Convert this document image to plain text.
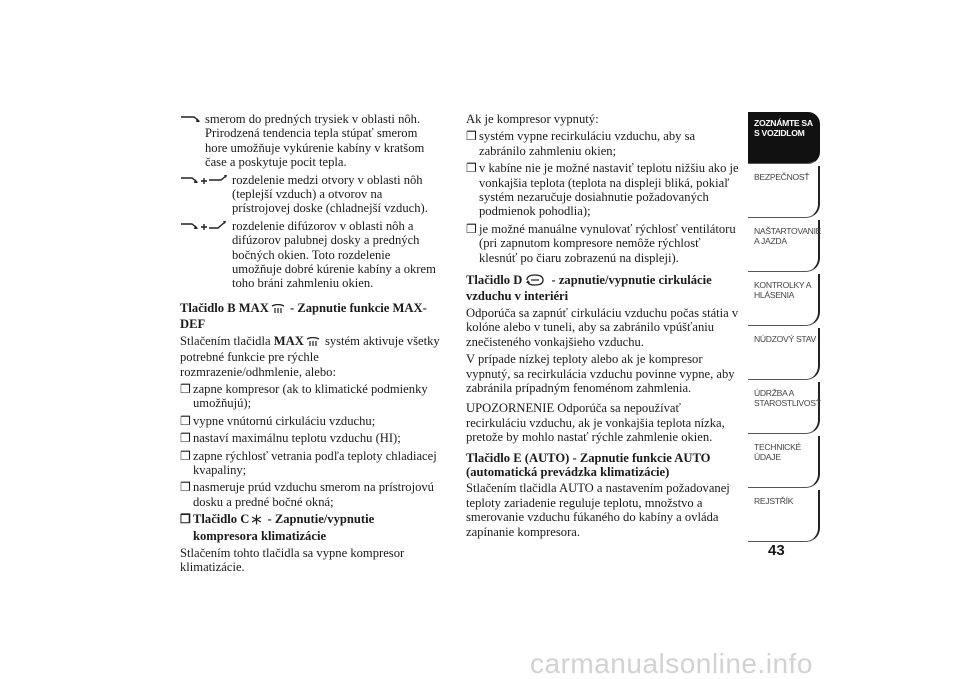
smerom do predných trysiek v oblasti nôh. Prirodzená tendencia tepla stúpať smerom hore umožňuje vykúrenie kabíny v kratšom čase a poskytuje pocit tepla.
rozdelenie medzi otvory v oblasti nôh (teplejší vzduch) a otvorov na prístrojovej doske (chladnejší vzduch).
rozdelenie difúzorov v oblasti nôh a difúzorov palubnej dosky a predných bočných okien. Toto rozdelenie umožňuje dobré kúrenie kabíny a okrem toho bráni zahmleniu okien.

Tlačidlo B MAX - Zapnutie funkcie MAX-DEF

Stlačením tlačidla MAX systém aktivuje všetky potrebné funkcie pre rýchle rozmrazenie/odhmlenie, alebo:

❒ zapne kompresor (ak to klimatické podmienky umožňujú);
❒ vypne vnútornú cirkuláciu vzduchu;
❒ nastaví maximálnu teplotu vzduchu (HI);
❒ zapne rýchlosť vetrania podľa teploty chladiacej kvapaliny;
❒ nasmeruje prúd vzduchu smerom na prístrojovú dosku a predné bočné okná;
❒ Tlačidlo C - Zapnutie/vypnutie kompresora klimatizácie

Stlačením tohto tlačidla sa vypne kompresor klimatizácie.

Ak je kompresor vypnutý:

❒ systém vypne recirkuláciu vzduchu, aby sa zabránilo zahmleniu okien;
❒ v kabíne nie je možné nastaviť teplotu nižšiu ako je vonkajšia teplota (teplota na displeji bliká, pokiaľ systém nezaručuje dosiahnutie požadovaných podmienok pohodlia);
❒ je možné manuálne vynulovať rýchlosť ventilátoru (pri zapnutom kompresore nemôže rýchlosť klesnúť po čiaru zobrazenú na displeji).

Tlačidlo D - zapnutie/vypnutie cirkulácie vzduchu v interiéri

Odporúča sa zapnúť cirkuláciu vzduchu počas státia v kolóne alebo v tuneli, aby sa zabránilo vpúšťaniu znečisteného vonkajšieho vzduchu.

V prípade nízkej teploty alebo ak je kompresor vypnutý, sa recirkulácia vzduchu povinne vypne, aby zabránila prípadným fenoménom zahmlenia.

UPOZORNENIE Odporúča sa nepoužívať recirkuláciu vzduchu, ak je vonkajšia teplota nízka, pretože by mohlo nastať rýchle zahmlenie okien.

Tlačidlo E (AUTO) - Zapnutie funkcie AUTO (automatická prevádzka klimatizácie)

Stlačením tlačidla AUTO a nastavením požadovanej teploty zariadenie reguluje teplotu, množstvo a smerovanie vzduchu fúkaného do kabíny a ovláda zapínanie kompresora.

ZOZNÁMTE SA S VOZIDLOM
BEZPEČNOSŤ
NAŠTARTOVANIE A JAZDA
KONTROLKY A HLÁSENIA
NÚDZOVÝ STAV
ÚDRŽBA A STAROSTLIVOSŤ
TECHNICKÉ ÚDAJE
REJSTŘÍK
43
carmanualsonline.info
